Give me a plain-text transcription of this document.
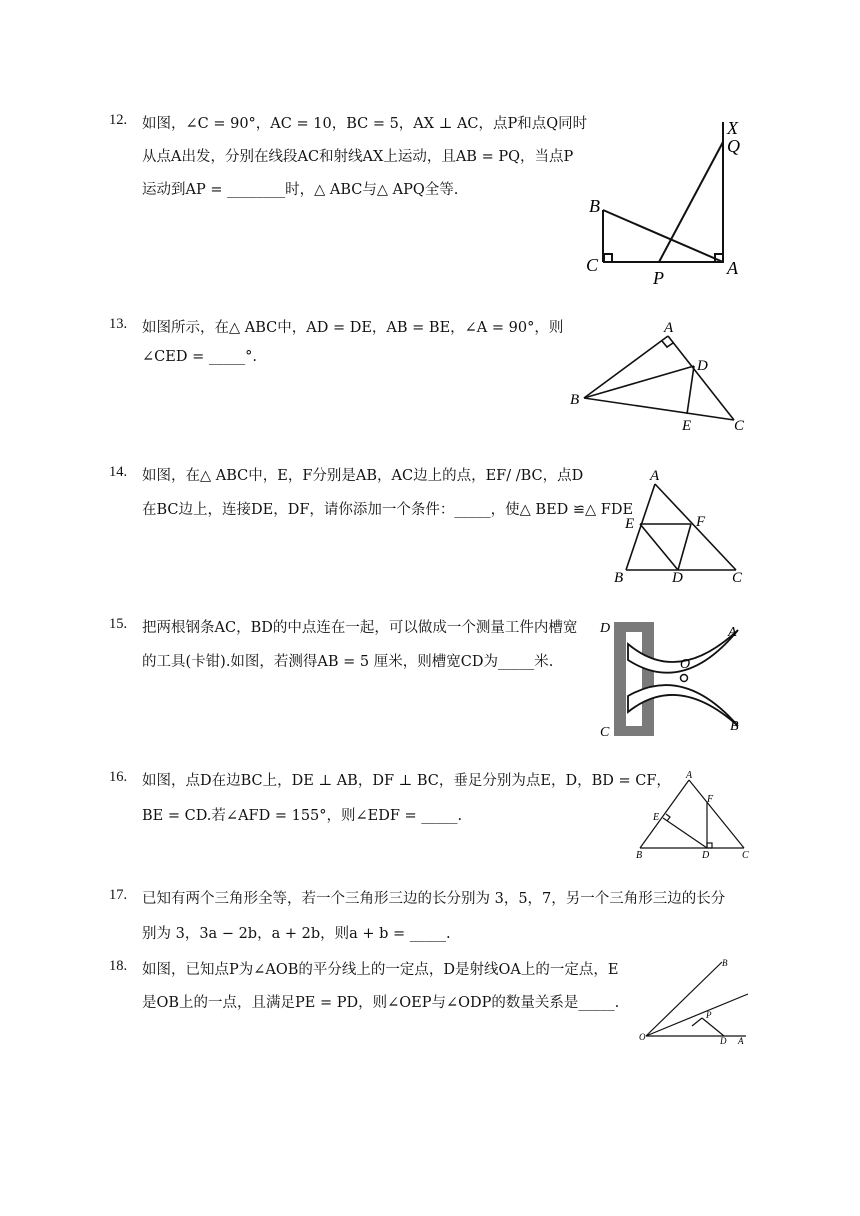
12. 如图，∠C = 90°，AC = 10，BC = 5，AX ⊥ AC，点P和点Q同时
从点A出发，分别在线段AC和射线AX上运动，且AB = PQ，当点P
运动到AP = ________时，△ ABC与△ APQ全等.
X
Q
B
C
P	A
13. 如图所示，在△ ABC中，AD = DE，AB = BE，∠A = 90°，则
∠CED = _____°.
A
D
B
E	C
14. 如图，在△ ABC中，E，F分别是AB，AC边上的点，EF/ /BC，点D
在BC边上，连接DE，DF，请你添加一个条件：_____，使△ BED ≌△ FDE
A
E	F
B	D	C
15. 把两根钢条AC，BD的中点连在一起，可以做成一个测量工件内槽宽
的工具(卡钳).如图，若测得AB = 5 厘米，则槽宽CD为_____米.
D	A
O
C	B
16. 如图，点D在边BC上，DE ⊥ AB，DF ⊥ BC，垂足分别为点E，D，BD = CF，
BE = CD.若∠AFD = 155°，则∠EDF = _____.
A
F
E
B	D	C
17. 已知有两个三角形全等，若一个三角形三边的长分别为 3，5，7，另一个三角形三边的长分
别为 3，3a − 2b，a + 2b，则a + b = _____.
18. 如图，已知点P为∠AOB的平分线上的一定点，D是射线OA上的一定点，E
是OB上的一点，且满足PE = PD，则∠OEP与∠ODP的数量关系是_____.
B
P
O	D A
